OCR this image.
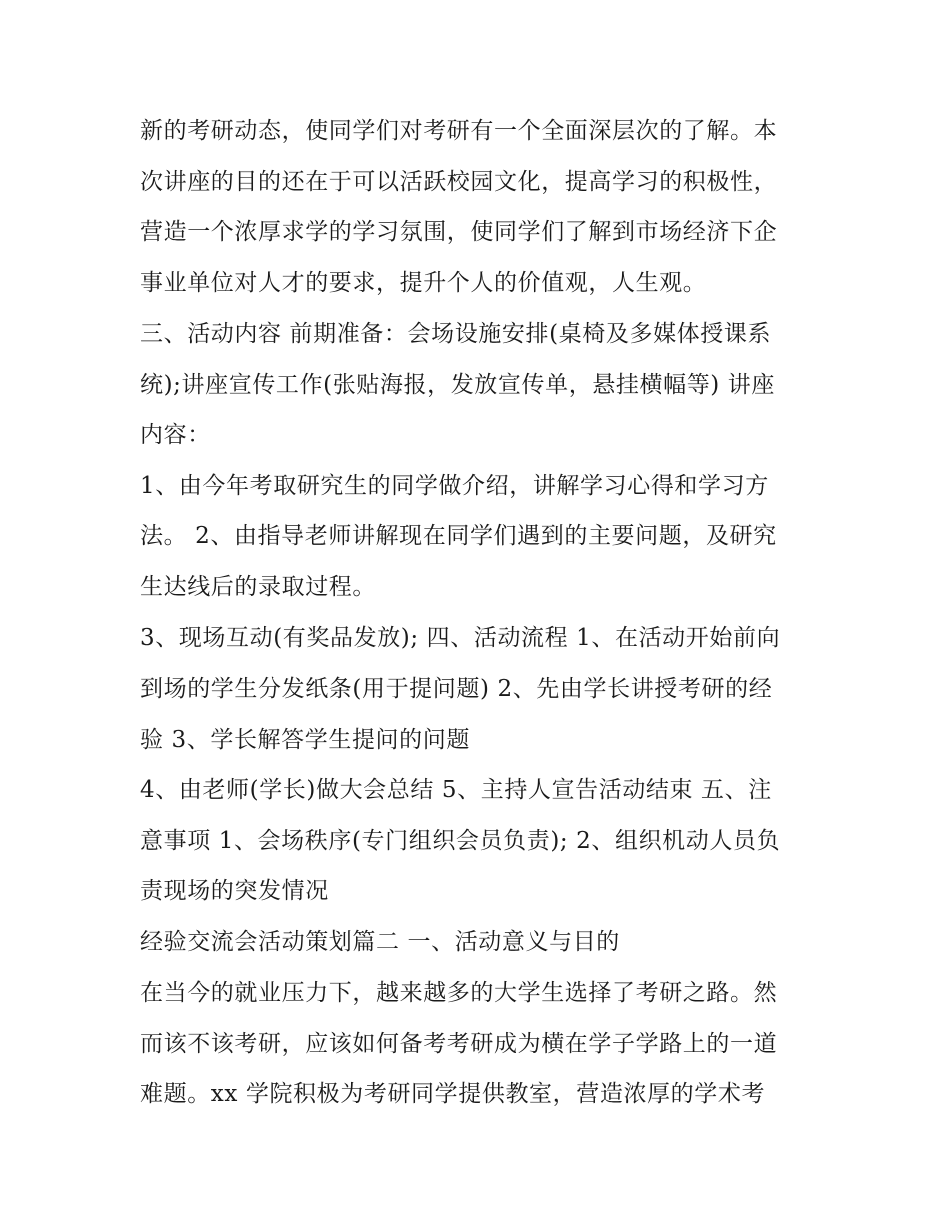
新的考研动态，使同学们对考研有一个全面深层次的了解。本
次讲座的目的还在于可以活跃校园文化，提高学习的积极性，
营造一个浓厚求学的学习氛围，使同学们了解到市场经济下企
事业单位对人才的要求，提升个人的价值观，人生观。
三、活动内容 前期准备：会场设施安排(桌椅及多媒体授课系
统);讲座宣传工作(张贴海报，发放宣传单，悬挂横幅等) 讲座
内容：
1、由今年考取研究生的同学做介绍，讲解学习心得和学习方
法。 2、由指导老师讲解现在同学们遇到的主要问题，及研究
生达线后的录取过程。
3、现场互动(有奖品发放); 四、活动流程 1、在活动开始前向
到场的学生分发纸条(用于提问题) 2、先由学长讲授考研的经
验 3、学长解答学生提问的问题
4、由老师(学长)做大会总结 5、主持人宣告活动结束 五、注
意事项 1、会场秩序(专门组织会员负责); 2、组织机动人员负
责现场的突发情况
经验交流会活动策划篇二 一、活动意义与目的
在当今的就业压力下，越来越多的大学生选择了考研之路。然
而该不该考研，应该如何备考考研成为横在学子学路上的一道
难题。xx 学院积极为考研同学提供教室，营造浓厚的学术考
